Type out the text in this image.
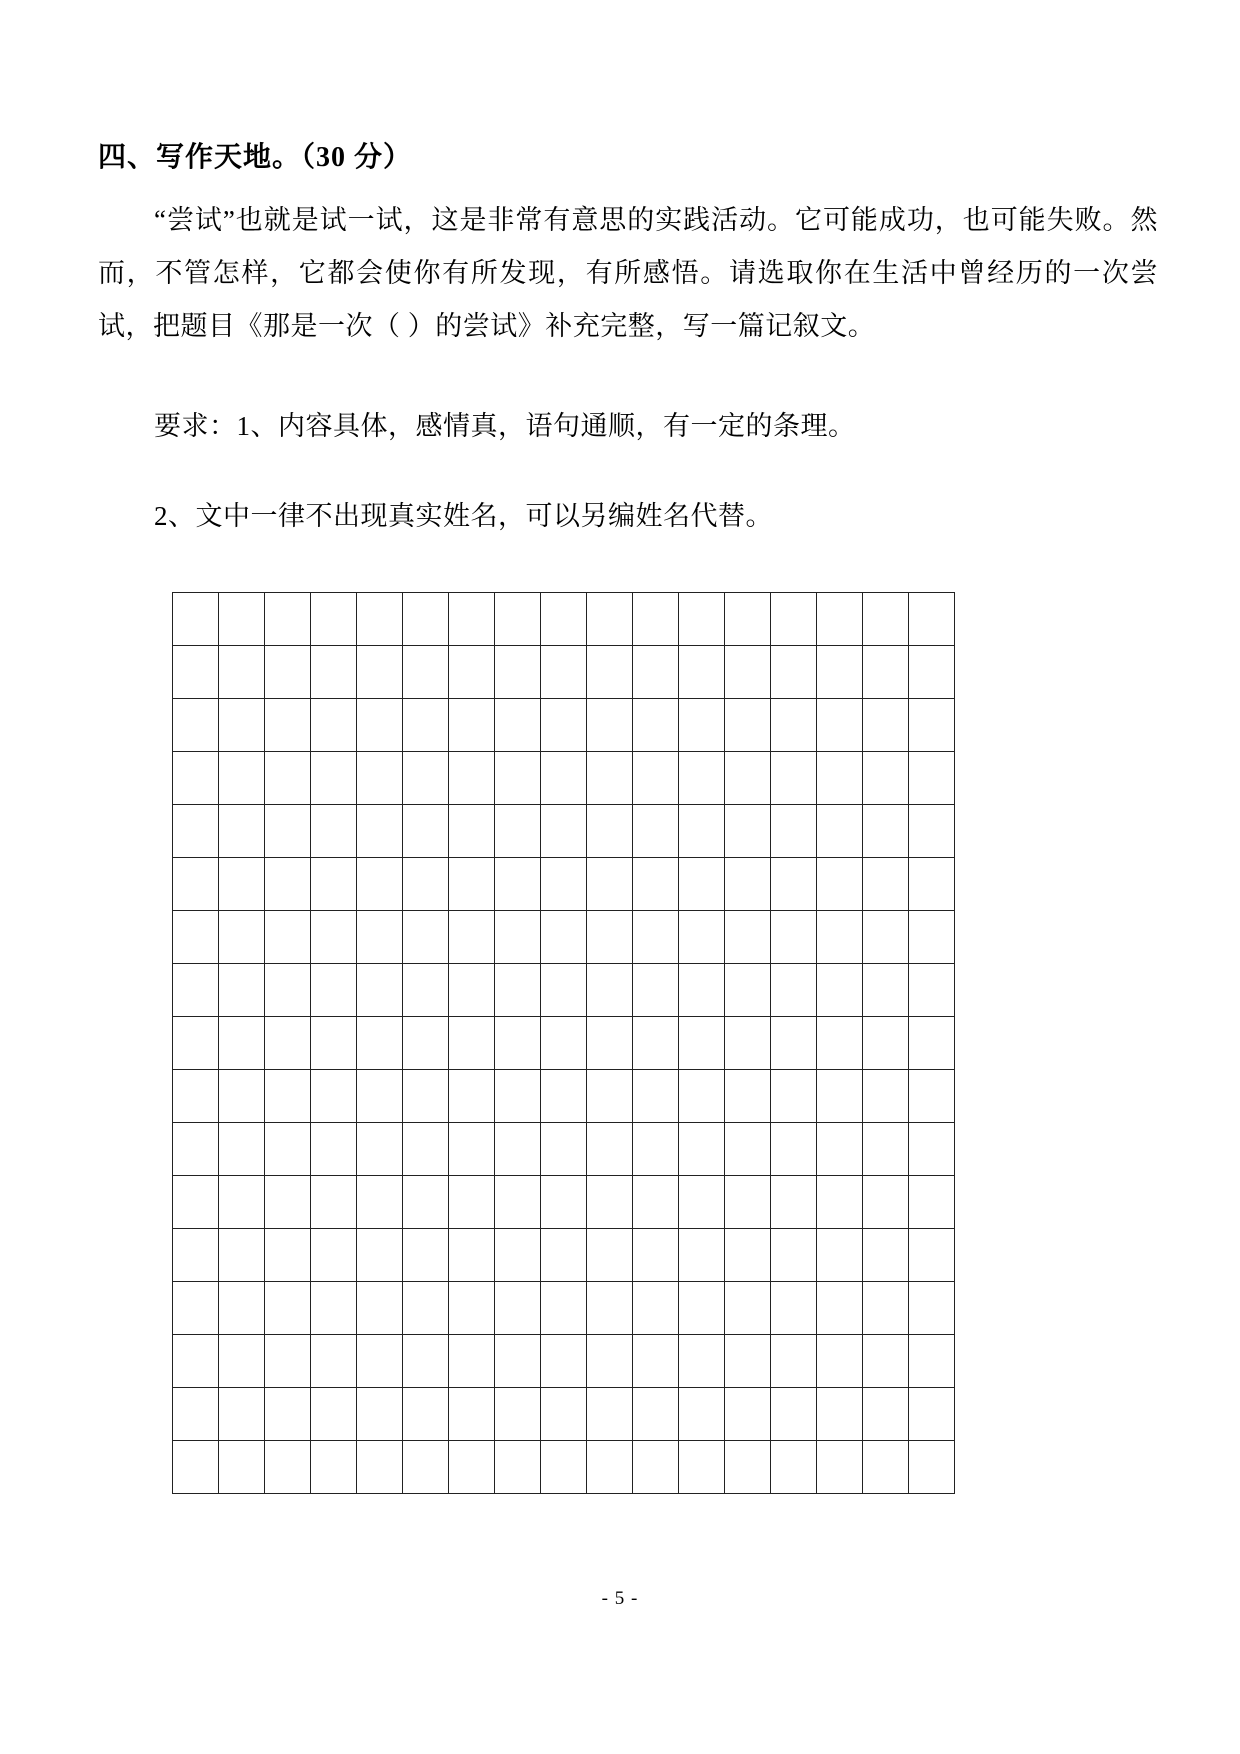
四、写作天地。（30 分）

“尝试”也就是试一试，这是非常有意思的实践活动。它可能成功，也可能失败。然而，不管怎样，它都会使你有所发现，有所感悟。请选取你在生活中曾经历的一次尝试，把题目《那是一次（ ）的尝试》补充完整，写一篇记叙文。

要求：1、内容具体，感情真，语句通顺，有一定的条理。

2、文中一律不出现真实姓名，可以另编姓名代替。

- 5 -
